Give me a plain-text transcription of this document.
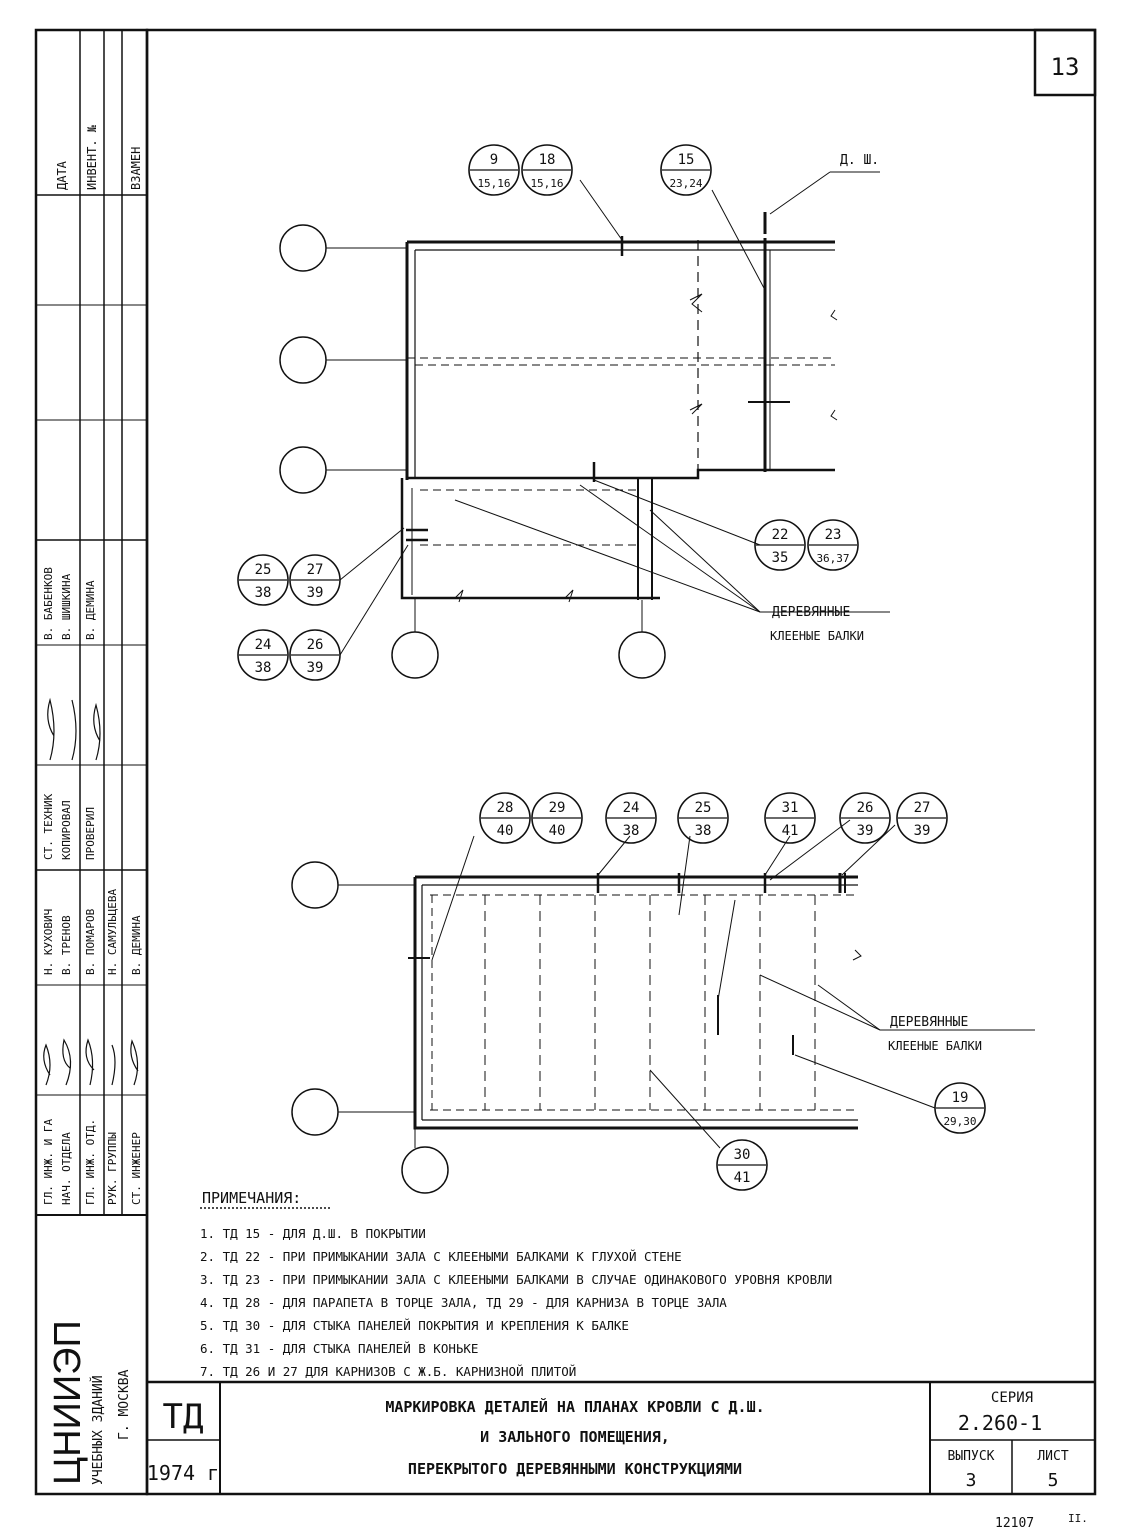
ДАТА ИНВЕНТ. №	ВЗАМЕН
ГЛ. ИНЖ. И ГА НАЧ. ОТДЕЛА ГЛ. ИНЖ. ОТД. РУК. ГРУППЫ СТ. ИНЖЕНЕР
Н. КУХОВИЧ В. ТРЕНОВ В. ПОМАРОВ Н. САМУЛЬЦЕВА В. ДЕМИНА
СТ. ТЕХНИК КОПИРОВАЛ ПРОВЕРИЛ
В. БАБЕНКОВ В. ШИШКИНА В. ДЕМИНА
ЦНИИЭП УЧЕБНЫХ ЗДАНИЙ Г. МОСКВА
13
9
15,16
18
15,16
15
23,24
22
35
23
36,37
25
38
27
39
24
38
26
39
Д. Ш.
ДЕРЕВЯННЫЕ
КЛЕЕНЫЕ БАЛКИ
28
40
29
40
24
38
25
38
31
41
26
39
27
39
19
29,30
30
41
ДЕРЕВЯННЫЕ
КЛЕЕНЫЕ БАЛКИ
ПРИМЕЧАНИЯ:
1. ТД 15 - ДЛЯ Д.Ш. В ПОКРЫТИИ
2. ТД 22 - ПРИ ПРИМЫКАНИИ ЗАЛА С КЛЕЕНЫМИ БАЛКАМИ К ГЛУХОЙ СТЕНЕ
3. ТД 23 - ПРИ ПРИМЫКАНИИ ЗАЛА С КЛЕЕНЫМИ БАЛКАМИ В СЛУЧАЕ ОДИНАКОВОГО УРОВНЯ КРОВЛИ
4. ТД 28 - ДЛЯ ПАРАПЕТА В ТОРЦЕ ЗАЛА, ТД 29 - ДЛЯ КАРНИЗА В ТОРЦЕ ЗАЛА
5. ТД 30 - ДЛЯ СТЫКА ПАНЕЛЕЙ ПОКРЫТИЯ И КРЕПЛЕНИЯ К БАЛКЕ
6. ТД 31 - ДЛЯ СТЫКА ПАНЕЛЕЙ В КОНЬКЕ
7. ТД 26 И 27 ДЛЯ КАРНИЗОВ С Ж.Б. КАРНИЗНОЙ ПЛИТОЙ
ТД
1974 г
МАРКИРОВКА ДЕТАЛЕЙ НА ПЛАНАХ КРОВЛИ С Д.Ш.
И ЗАЛЬНОГО ПОМЕЩЕНИЯ,
ПЕРЕКРЫТОГО ДЕРЕВЯННЫМИ КОНСТРУКЦИЯМИ
СЕРИЯ
2.260-1
ВЫПУСК
3
ЛИСТ
5
12107	II.
